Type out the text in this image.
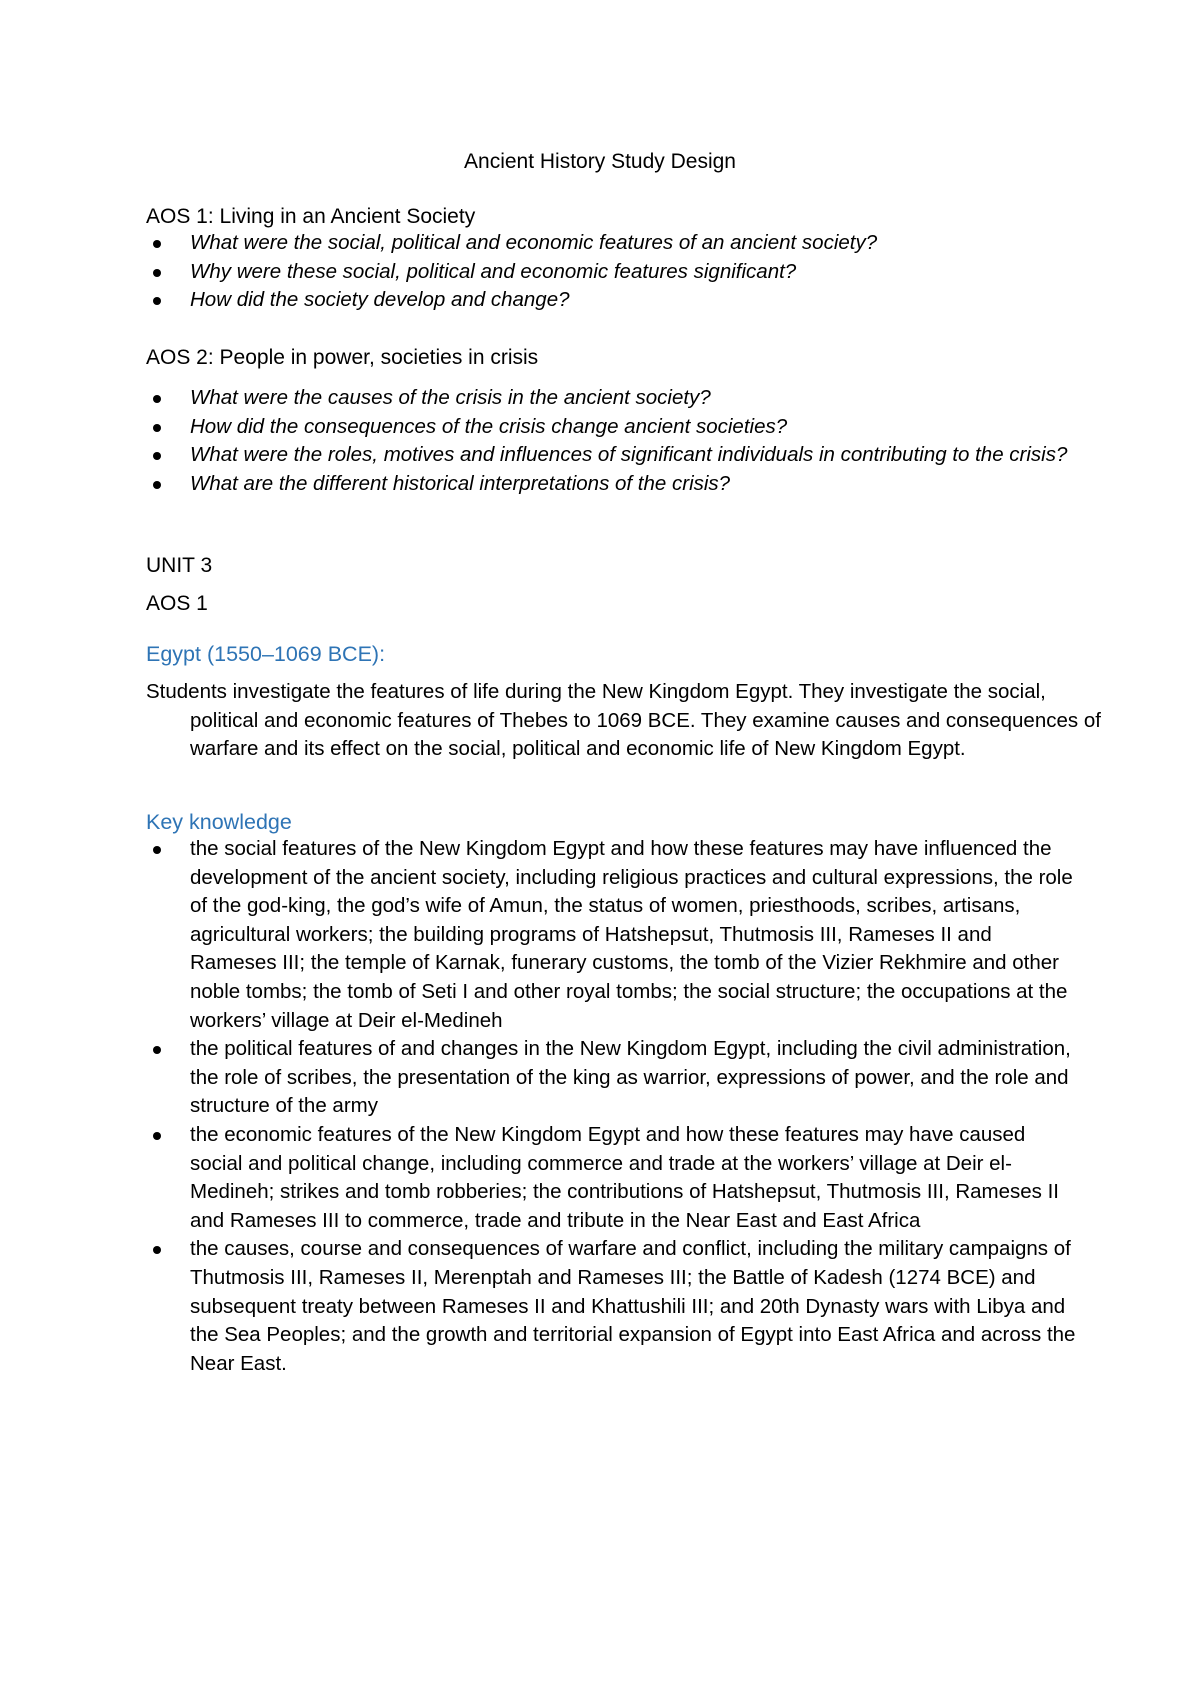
Ancient History Study Design
AOS 1: Living in an Ancient Society
What were the social, political and economic features of an ancient society?
Why were these social, political and economic features significant?
How did the society develop and change?
AOS 2: People in power, societies in crisis
What were the causes of the crisis in the ancient society?
How did the consequences of the crisis change ancient societies?
What were the roles, motives and influences of significant individuals in contributing to the crisis?
What are the different historical interpretations of the crisis?
UNIT 3
AOS 1
Egypt (1550–1069 BCE):
Students investigate the features of life during the New Kingdom Egypt. They investigate the social, political and economic features of Thebes to 1069 BCE. They examine causes and consequences of warfare and its effect on the social, political and economic life of New Kingdom Egypt.
Key knowledge
the social features of the New Kingdom Egypt and how these features may have influenced the development of the ancient society, including religious practices and cultural expressions, the role of the god-king, the god’s wife of Amun, the status of women, priesthoods, scribes, artisans, agricultural workers; the building programs of Hatshepsut, Thutmosis III, Rameses II and Rameses III; the temple of Karnak, funerary customs, the tomb of the Vizier Rekhmire and other noble tombs; the tomb of Seti I and other royal tombs; the social structure; the occupations at the workers’ village at Deir el-Medineh
the political features of and changes in the New Kingdom Egypt, including the civil administration, the role of scribes, the presentation of the king as warrior, expressions of power, and the role and structure of the army
the economic features of the New Kingdom Egypt and how these features may have caused social and political change, including commerce and trade at the workers’ village at Deir el-Medineh; strikes and tomb robberies; the contributions of Hatshepsut, Thutmosis III, Rameses II and Rameses III to commerce, trade and tribute in the Near East and East Africa
the causes, course and consequences of warfare and conflict, including the military campaigns of Thutmosis III, Rameses II, Merenptah and Rameses III; the Battle of Kadesh (1274 BCE) and subsequent treaty between Rameses II and Khattushili III; and 20th Dynasty wars with Libya and the Sea Peoples; and the growth and territorial expansion of Egypt into East Africa and across the Near East.
